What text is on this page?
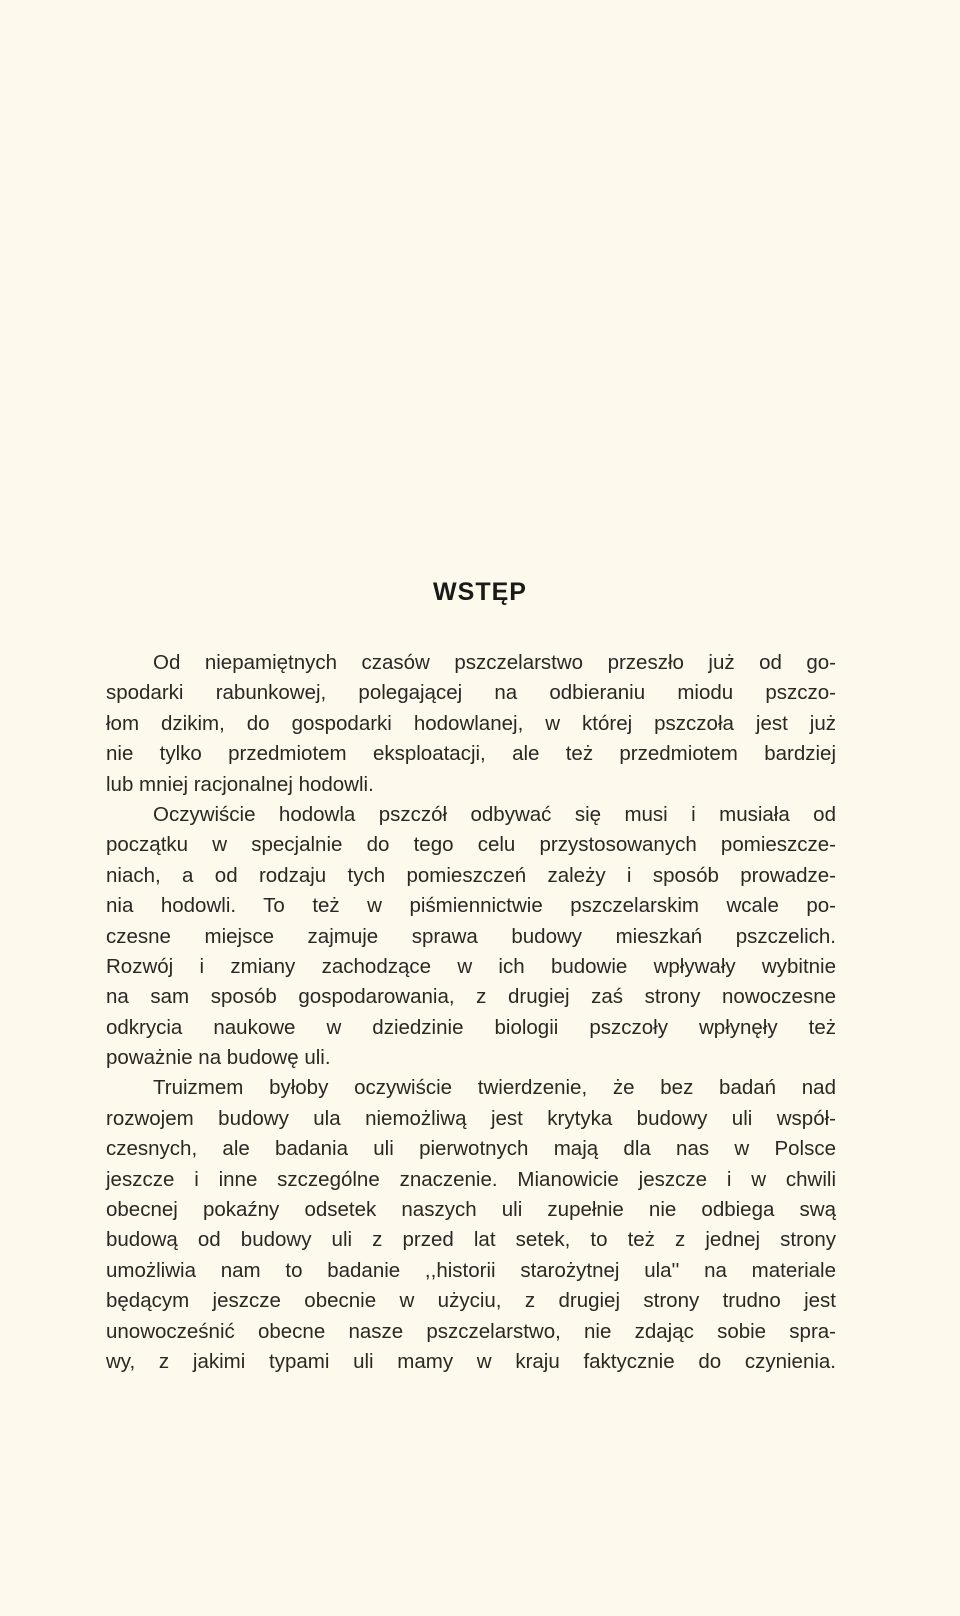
WSTĘP
Od niepamiętnych czasów pszczelarstwo przeszło już od go-
spodarki rabunkowej, polegającej na odbieraniu miodu pszczo-
łom dzikim, do gospodarki hodowlanej, w której pszczoła jest już
nie tylko przedmiotem eksploatacji, ale też przedmiotem bardziej
lub mniej racjonalnej hodowli.
Oczywiście hodowla pszczół odbywać się musi i musiała od
początku w specjalnie do tego celu przystosowanych pomieszcze-
niach, a od rodzaju tych pomieszczeń zależy i sposób prowadze-
nia hodowli. To też w piśmiennictwie pszczelarskim wcale po-
czesne miejsce zajmuje sprawa budowy mieszkań pszczelich.
Rozwój i zmiany zachodzące w ich budowie wpływały wybitnie
na sam sposób gospodarowania, z drugiej zaś strony nowoczesne
odkrycia naukowe w dziedzinie biologii pszczoły wpłynęły też
poważnie na budowę uli.
Truizmem byłoby oczywiście twierdzenie, że bez badań nad
rozwojem budowy ula niemożliwą jest krytyka budowy uli współ-
czesnych, ale badania uli pierwotnych mają dla nas w Polsce
jeszcze i inne szczególne znaczenie. Mianowicie jeszcze i w chwili
obecnej pokaźny odsetek naszych uli zupełnie nie odbiega swą
budową od budowy uli z przed lat setek, to też z jednej strony
umożliwia nam to badanie ,,historii starożytnej ula'' na materiale
będącym jeszcze obecnie w użyciu, z drugiej strony trudno jest
unowocześnić obecne nasze pszczelarstwo, nie zdając sobie spra-
wy, z jakimi typami uli mamy w kraju faktycznie do czynienia.
